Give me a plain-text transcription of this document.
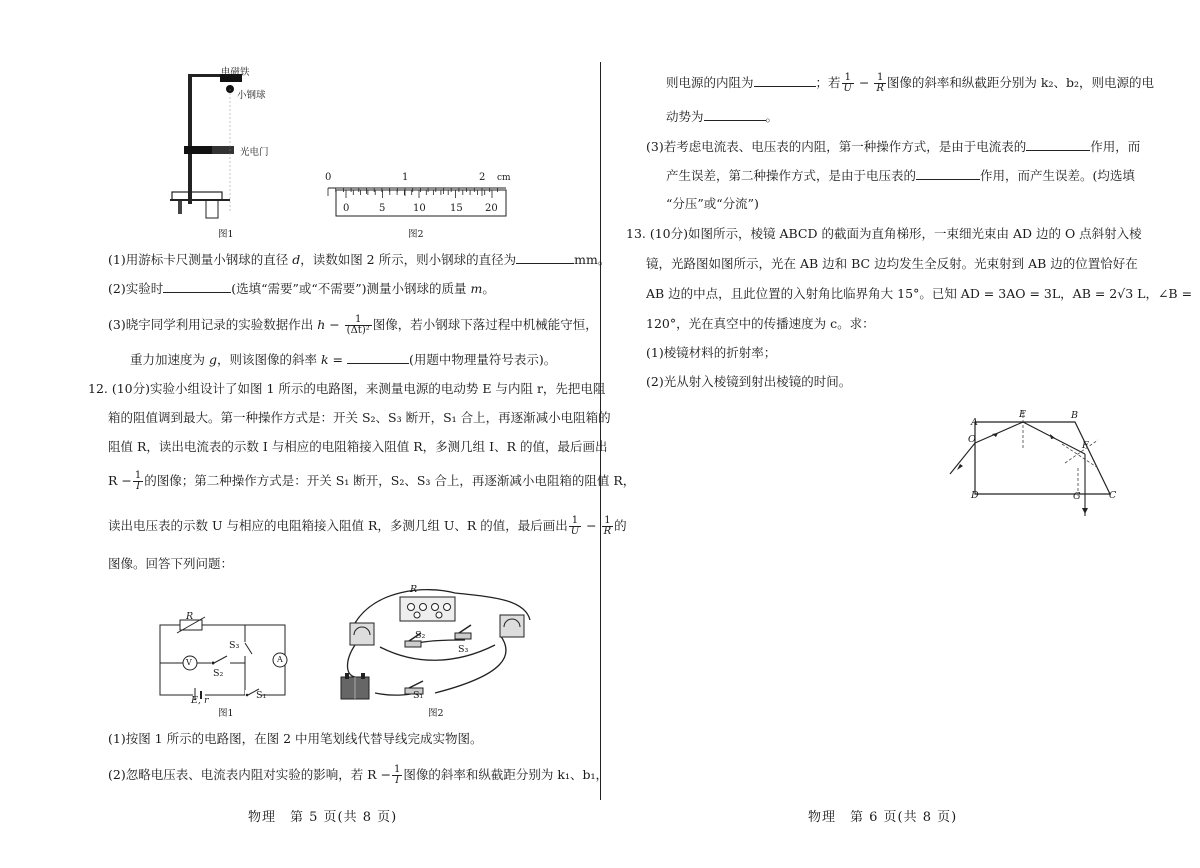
电磁铁
小钢球
光电门
图1
0	1	2 cm
0	5	10 15 20
图2
(1)用游标卡尺测量小钢球的直径 d，读数如图 2 所示，则小钢球的直径为	mm。
(2)实验时	(选填“需要”或“不需要”)测量小钢球的质量 m。
(3)晓宇同学利用记录的实验数据作出 $h - \frac{1}{\text{(Δt)²}}$ 图像，若小钢球下落过程中机械能守恒，
重力加速度为 g，则该图像的斜率 k =	(用题中物理量符号表示)。
12. (10分)实验小组设计了如图 1 所示的电路图，来测量电源的电动势 E 与内阻 r，先把电阻
箱的阻值调到最大。第一种操作方式是：开关 S₂、S₃ 断开，S₁ 合上，再逐渐减小电阻箱的
阻值 R，读出电流表的示数 I 与相应的电阻箱接入阻值 R，多测几组 I、R 的值，最后画出
$R - \frac{1}{I}$ 的图像；第二种操作方式是：开关 S₁ 断开，S₂、S₃ 合上，再逐渐减小电阻箱的阻值 R，
读出电压表的示数 U 与相应的电阻箱接入阻值 R，多测几组 U、R 的值，最后画出 $\frac{1}{U} - \frac{1}{R}$ 的
图像。回答下列问题：
R
S₃
S₂
S₁
V	A
E, r
图1
R
S₂
S₃
S₁
图2
(1)按图 1 所示的电路图，在图 2 中用笔划线代替导线完成实物图。
(2)忽略电压表、电流表内阻对实验的影响，若 $R - \frac{1}{I}$ 图像的斜率和纵截距分别为 k₁、b₁，
物理　第 5 页(共 8 页)
则电源的内阻为	；若 $\frac{1}{U} - \frac{1}{R}$ 图像的斜率和纵截距分别为 k₂、b₂，则电源的电
动势为	。
(3)若考虑电流表、电压表的内阻，第一种操作方式，是由于电流表的	作用，而
产生误差，第二种操作方式，是由于电压表的	作用，而产生误差。(均选填
“分压”或“分流”)
13. (10分)如图所示，棱镜 ABCD 的截面为直角梯形，一束细光束由 AD 边的 O 点斜射入棱
镜，光路图如图所示，光在 AB 边和 BC 边均发生全反射。光束射到 AB 边的位置恰好在
AB 边的中点，且此位置的入射角比临界角大 15°。已知 AD = 3AO = 3L，AB = 2√3 L，∠B =
120°，光在真空中的传播速度为 c。求：
(1)棱镜材料的折射率；
(2)光从射入棱镜到射出棱镜的时间。
A
E	B
O
F
D	G	C
物理　第 6 页(共 8 页)
